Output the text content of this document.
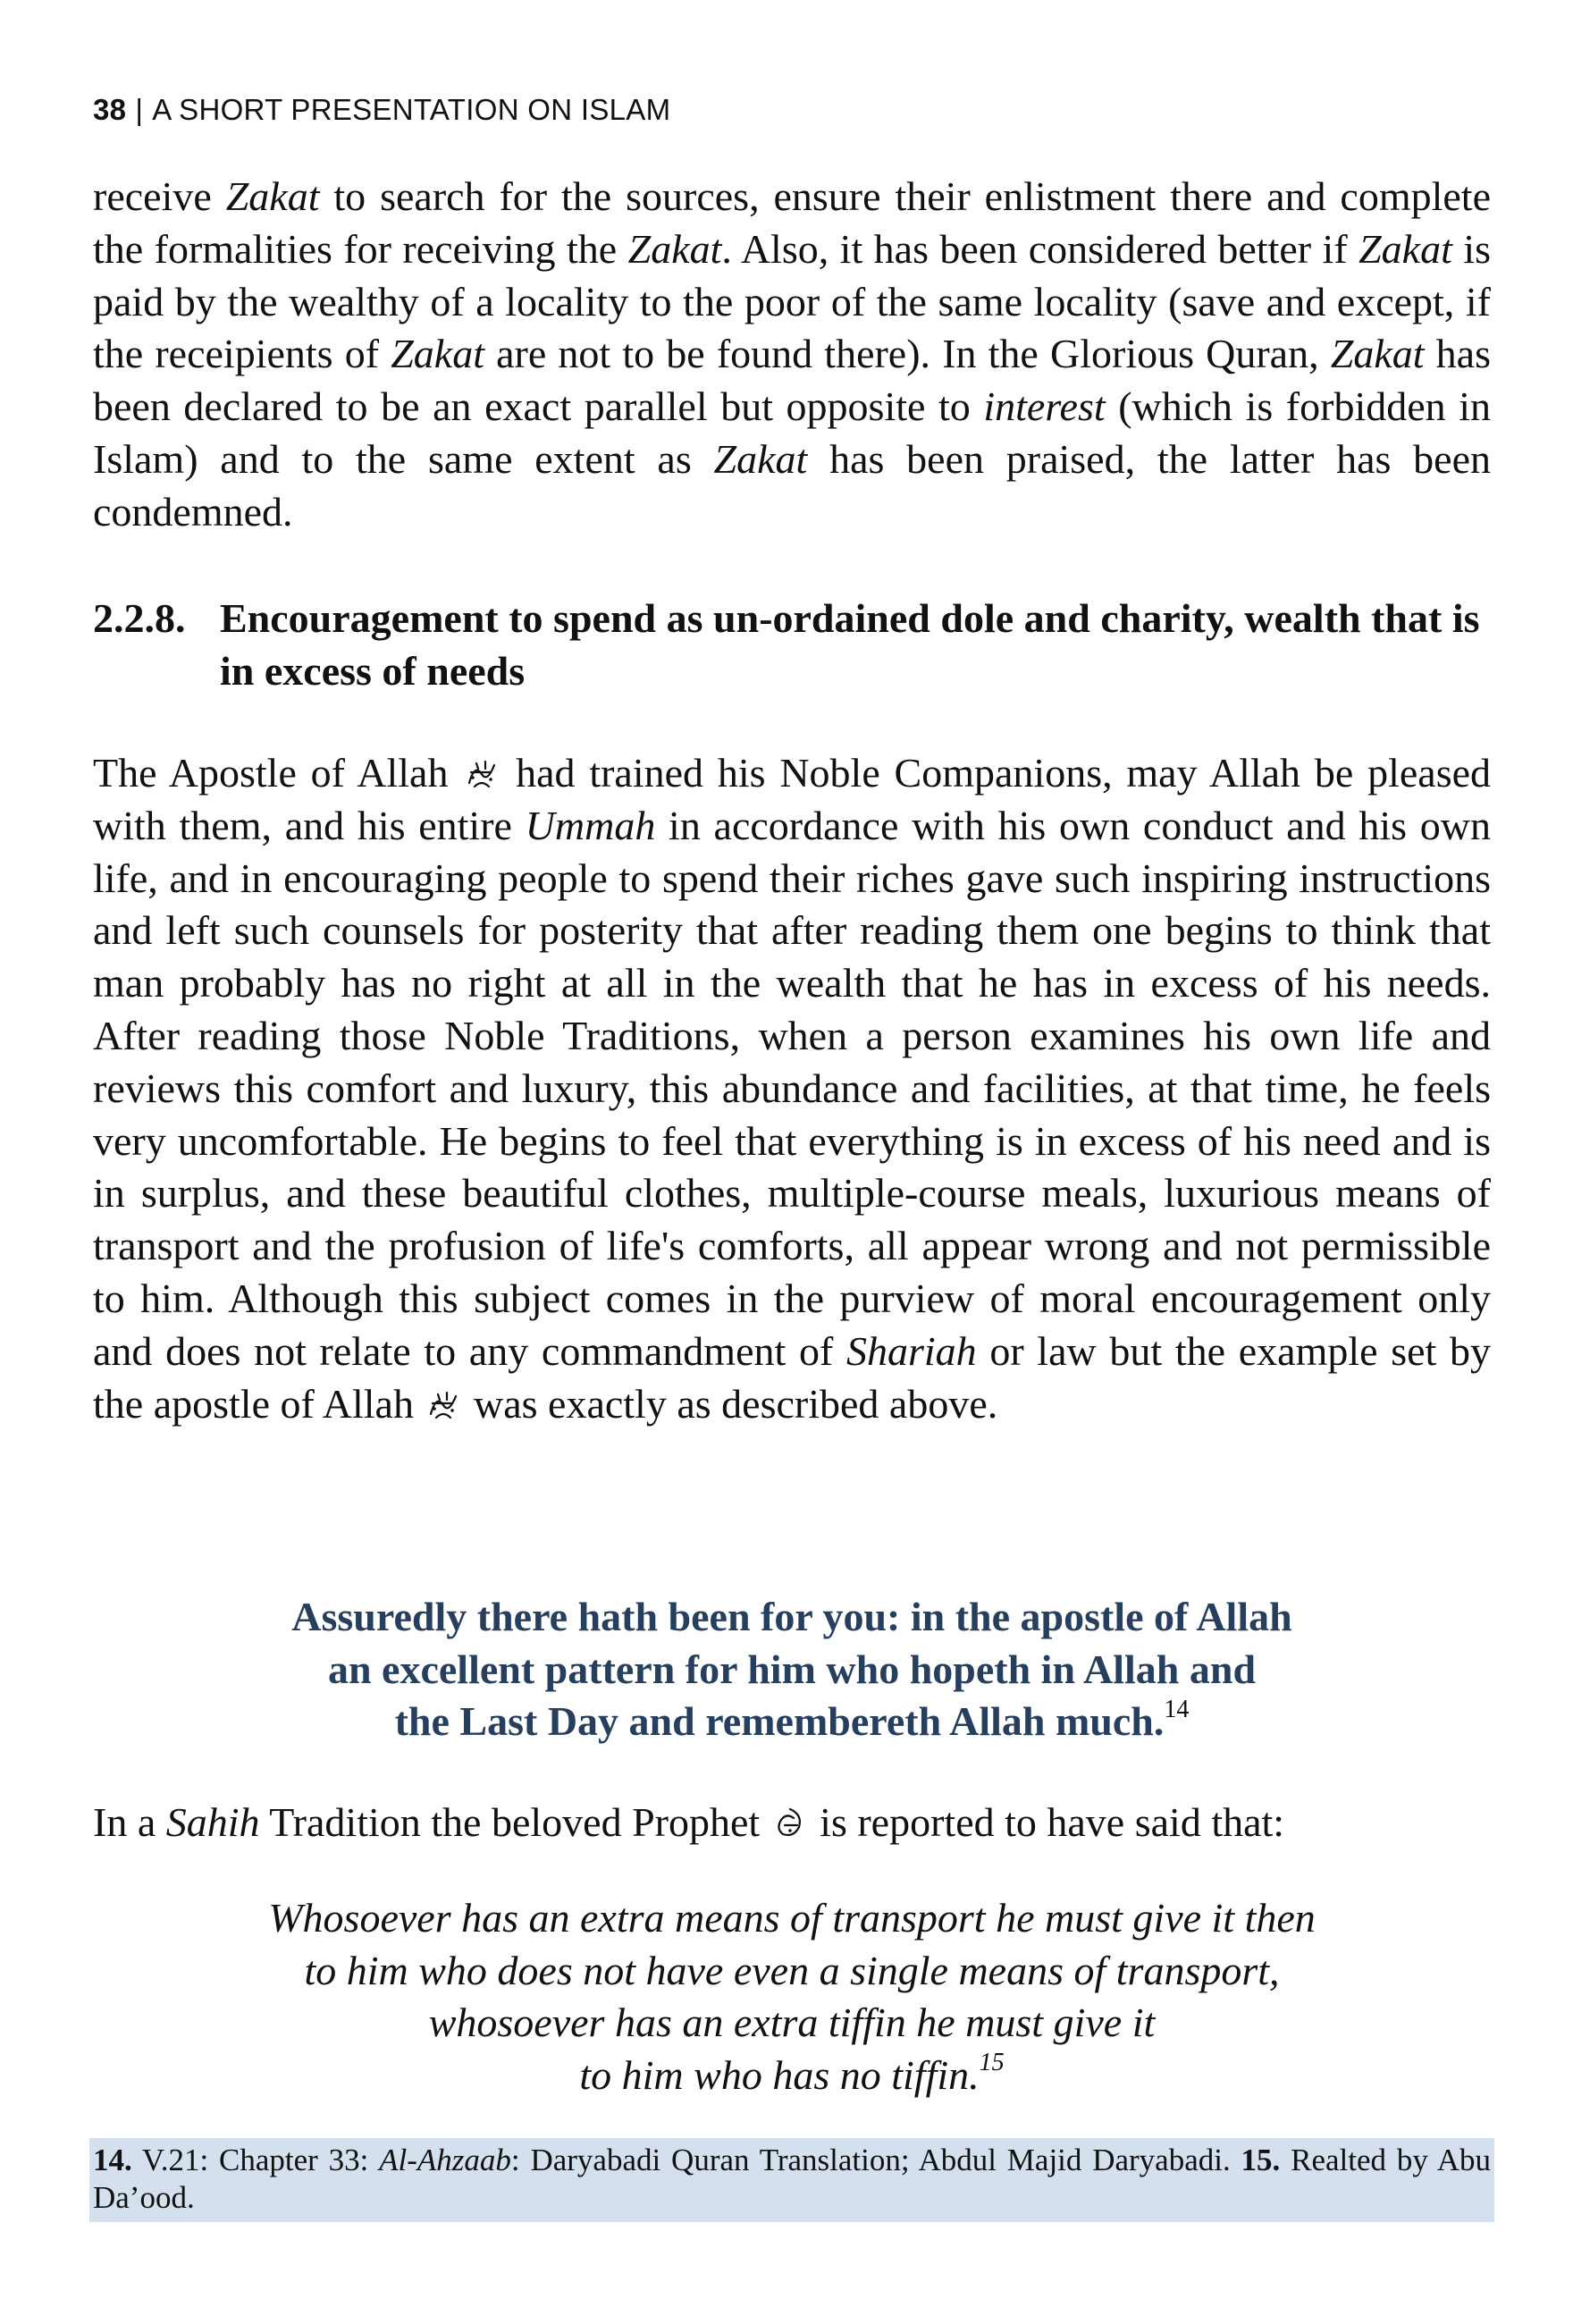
38 | A SHORT PRESENTATION ON ISLAM

receive Zakat to search for the sources, ensure their enlistment there and complete the formalities for receiving the Zakat. Also, it has been considered better if Zakat is paid by the wealthy of a locality to the poor of the same locality (save and except, if the receipients of Zakat are not to be found there). In the Glorious Quran, Zakat has been declared to be an exact parallel but opposite to interest (which is forbidden in Islam) and to the same extent as Zakat has been praised, the latter has been condemned.

2.2.8. Encouragement to spend as un-ordained dole and charity, wealth that is in excess of needs

The Apostle of Allah had trained his Noble Companions, may Allah be pleased with them, and his entire Ummah in accordance with his own conduct and his own life, and in encouraging people to spend their riches gave such inspiring instructions and left such counsels for posterity that after reading them one begins to think that man probably has no right at all in the wealth that he has in excess of his needs. After reading those Noble Traditions, when a person examines his own life and reviews this comfort and luxury, this abundance and facilities, at that time, he feels very uncomfortable. He begins to feel that everything is in excess of his need and is in surplus, and these beautiful clothes, multiple-course meals, luxurious means of transport and the profusion of life's comforts, all appear wrong and not permissible to him. Although this subject comes in the purview of moral encouragement only and does not relate to any commandment of Shariah or law but the example set by the apostle of Allah was exactly as described above.

Assuredly there hath been for you: in the apostle of Allah
an excellent pattern for him who hopeth in Allah and
the Last Day and remembereth Allah much.$^{14}$

In a Sahih Tradition the beloved Prophet is reported to have said that:

Whosoever has an extra means of transport he must give it then
to him who does not have even a single means of transport,
whosoever has an extra tiffin he must give it
to him who has no tiffin.$^{15}$

14. V.21: Chapter 33: Al-Ahzaab: Daryabadi Quran Translation; Abdul Majid Daryabadi. 15. Realted by Abu Da’ood.
